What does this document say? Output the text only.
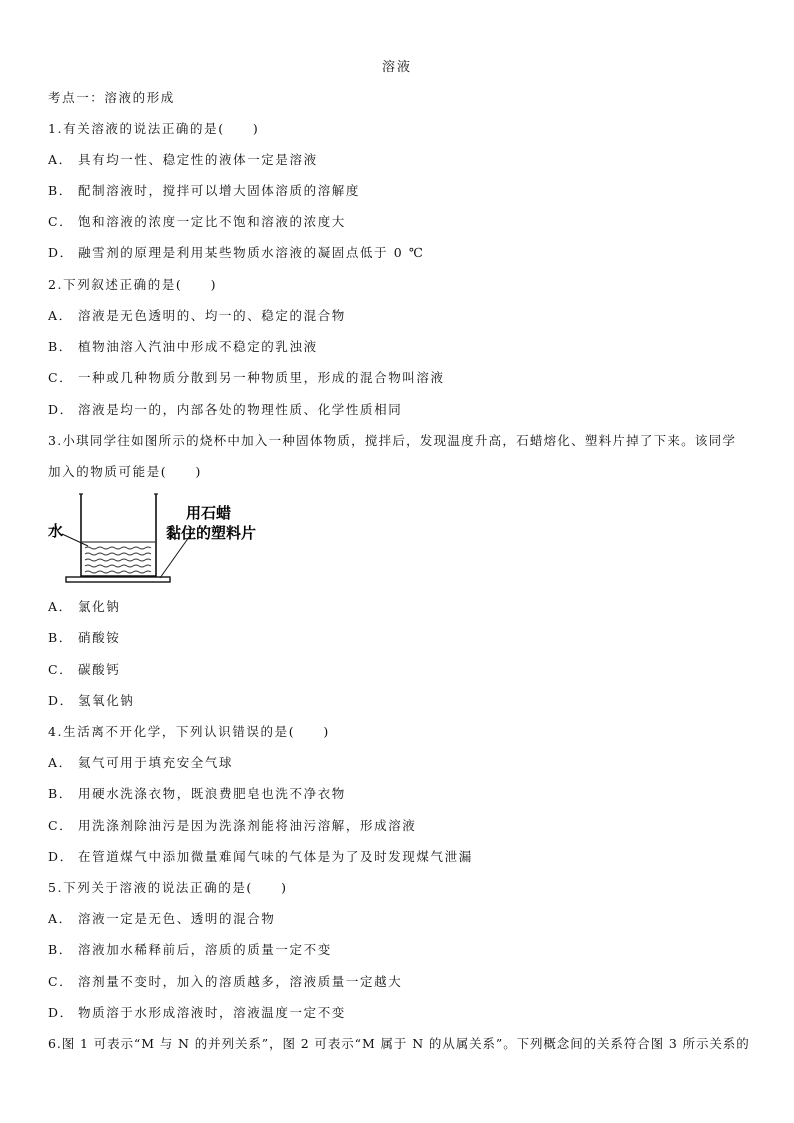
溶液
考点一：溶液的形成
1.有关溶液的说法正确的是(　　)
A． 具有均一性、稳定性的液体一定是溶液
B． 配制溶液时，搅拌可以增大固体溶质的溶解度
C． 饱和溶液的浓度一定比不饱和溶液的浓度大
D． 融雪剂的原理是利用某些物质水溶液的凝固点低于 0 ℃
2.下列叙述正确的是(　　)
A． 溶液是无色透明的、均一的、稳定的混合物
B． 植物油溶入汽油中形成不稳定的乳浊液
C． 一种或几种物质分散到另一种物质里，形成的混合物叫溶液
D． 溶液是均一的，内部各处的物理性质、化学性质相同
3.小琪同学往如图所示的烧杯中加入一种固体物质，搅拌后，发现温度升高，石蜡熔化、塑料片掉了下来。该同学
加入的物质可能是(　　)
水
用石蜡
黏住的塑料片
A． 氯化钠
B． 硝酸铵
C． 碳酸钙
D． 氢氧化钠
4.生活离不开化学，下列认识错误的是(　　)
A． 氦气可用于填充安全气球
B． 用硬水洗涤衣物，既浪费肥皂也洗不净衣物
C． 用洗涤剂除油污是因为洗涤剂能将油污溶解，形成溶液
D． 在管道煤气中添加微量难闻气味的气体是为了及时发现煤气泄漏
5.下列关于溶液的说法正确的是(　　)
A． 溶液一定是无色、透明的混合物
B． 溶液加水稀释前后，溶质的质量一定不变
C． 溶剂量不变时，加入的溶质越多，溶液质量一定越大
D． 物质溶于水形成溶液时，溶液温度一定不变
6.图 1 可表示“M 与 N 的并列关系”，图 2 可表示“M 属于 N 的从属关系”。下列概念间的关系符合图 3 所示关系的
